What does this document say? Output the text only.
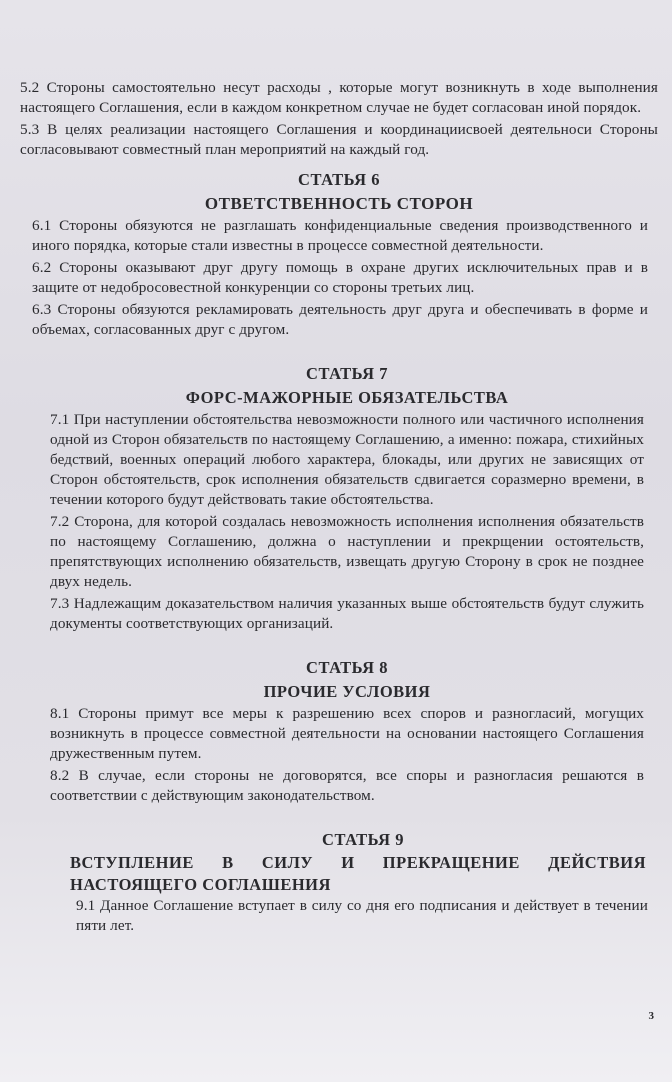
5.2 Стороны самостоятельно несут расходы , которые могут возникнуть в ходе выполнения настоящего Соглашения, если в каждом конкретном случае не будет согласован иной порядок.

5.3 В целях реализации настоящего Соглашения и координациисвоей деятельноси Стороны согласовывают совместный план мероприятий на каждый год.

СТАТЬЯ 6

ОТВЕТСТВЕННОСТЬ СТОРОН

6.1 Стороны обязуются не разглашать конфиденциальные сведения производственного и иного порядка, которые стали известны в процессе совместной деятельности.

6.2 Стороны оказывают друг другу помощь в охране других исключительных прав и в защите от недобросовестной конкуренции со стороны третьих лиц.

6.3 Стороны обязуются рекламировать деятельность друг друга и обеспечивать в форме и объемах, согласованных друг с другом.

СТАТЬЯ 7

ФОРС-МАЖОРНЫЕ ОБЯЗАТЕЛЬСТВА

7.1 При наступлении обстоятельства невозможности полного или частичного исполнения одной из Сторон обязательств по настоящему Соглашению, а именно: пожара, стихийных бедствий, военных операций любого характера, блокады, или других не зависящих от Сторон обстоятельств, срок исполнения обязательств сдвигается соразмерно времени, в течении которого будут действовать такие обстоятельства.

7.2 Сторона, для которой создалась невозможность исполнения исполнения обязательств по настоящему Соглашению, должна о наступлении и прекрщении остоятельств, препятствующих исполнению обязательств, извещать другую Сторону в срок не позднее двух недель.

7.3 Надлежащим доказательством наличия указанных выше обстоятельств будут служить документы соответствующих организаций.

СТАТЬЯ 8

ПРОЧИЕ УСЛОВИЯ

8.1 Стороны примут все меры к разрешению всех споров и разногласий, могущих возникнуть в процессе совместной деятельности на основании настоящего Соглашения дружественным путем.

8.2 В случае, если стороны не договорятся, все споры и разногласия решаются в соответствии с действующим законодательством.

СТАТЬЯ 9

ВСТУПЛЕНИЕ В СИЛУ И ПРЕКРАЩЕНИЕ ДЕЙСТВИЯ

НАСТОЯЩЕГО СОГЛАШЕНИЯ

9.1 Данное Соглашение вступает в силу со дня его подписания и действует в течении пяти лет.

3
